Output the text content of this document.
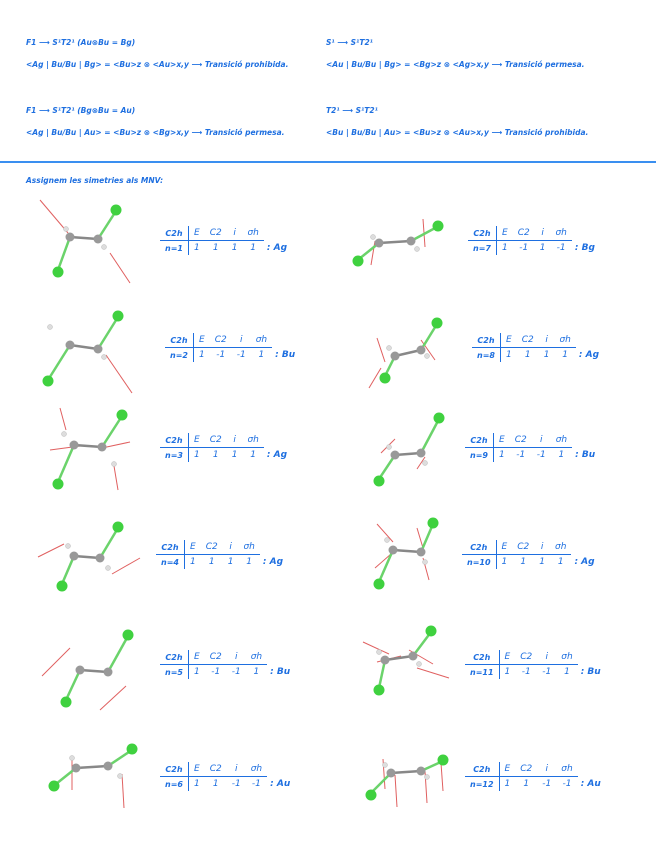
F1 ⟶ S¹T2¹ (Au⊗Bu = Bg)
<Ag | Bu/Bu | Bg> = <Bu>z ⊗ <Au>x,y ⟶ Transició prohibida.
S¹ ⟶ S¹T2¹
<Au | Bu/Bu | Bg> = <Bg>z ⊗ <Ag>x,y ⟶ Transició permesa.
F1 ⟶ S¹T2¹ (Bg⊗Bu = Au)
<Ag | Bu/Bu | Au> = <Bu>z ⊗ <Bg>x,y ⟶ Transició permesa.
T2¹ ⟶ S¹T2¹
<Bu | Bu/Bu | Au> = <Bu>z ⊗ <Au>x,y ⟶ Transició prohibida.
Assignem les simetries als MNV:
C2h	E	C2	i	σh	
n=1	1	1	1	1	: Ag
C2h	E	C2	i	σh	
n=2	1	-1	-1	1	: Bu
C2h	E	C2	i	σh	
n=3	1	1	1	1	: Ag
C2h	E	C2	i	σh	
n=4	1	1	1	1	: Ag
C2h	E	C2	i	σh	
n=5	1	-1	-1	1	: Bu
C2h	E	C2	i	σh	
n=6	1	1	-1	-1	: Au
C2h	E	C2	i	σh	
n=7	1	-1	1	-1	: Bg
C2h	E	C2	i	σh	
n=8	1	1	1	1	: Ag
C2h	E	C2	i	σh	
n=9	1	-1	-1	1	: Bu
C2h	E	C2	i	σh	
n=10	1	1	1	1	: Ag
C2h	E	C2	i	σh	
n=11	1	-1	-1	1	: Bu
C2h	E	C2	i	σh	
n=12	1	1	-1	-1	: Au
